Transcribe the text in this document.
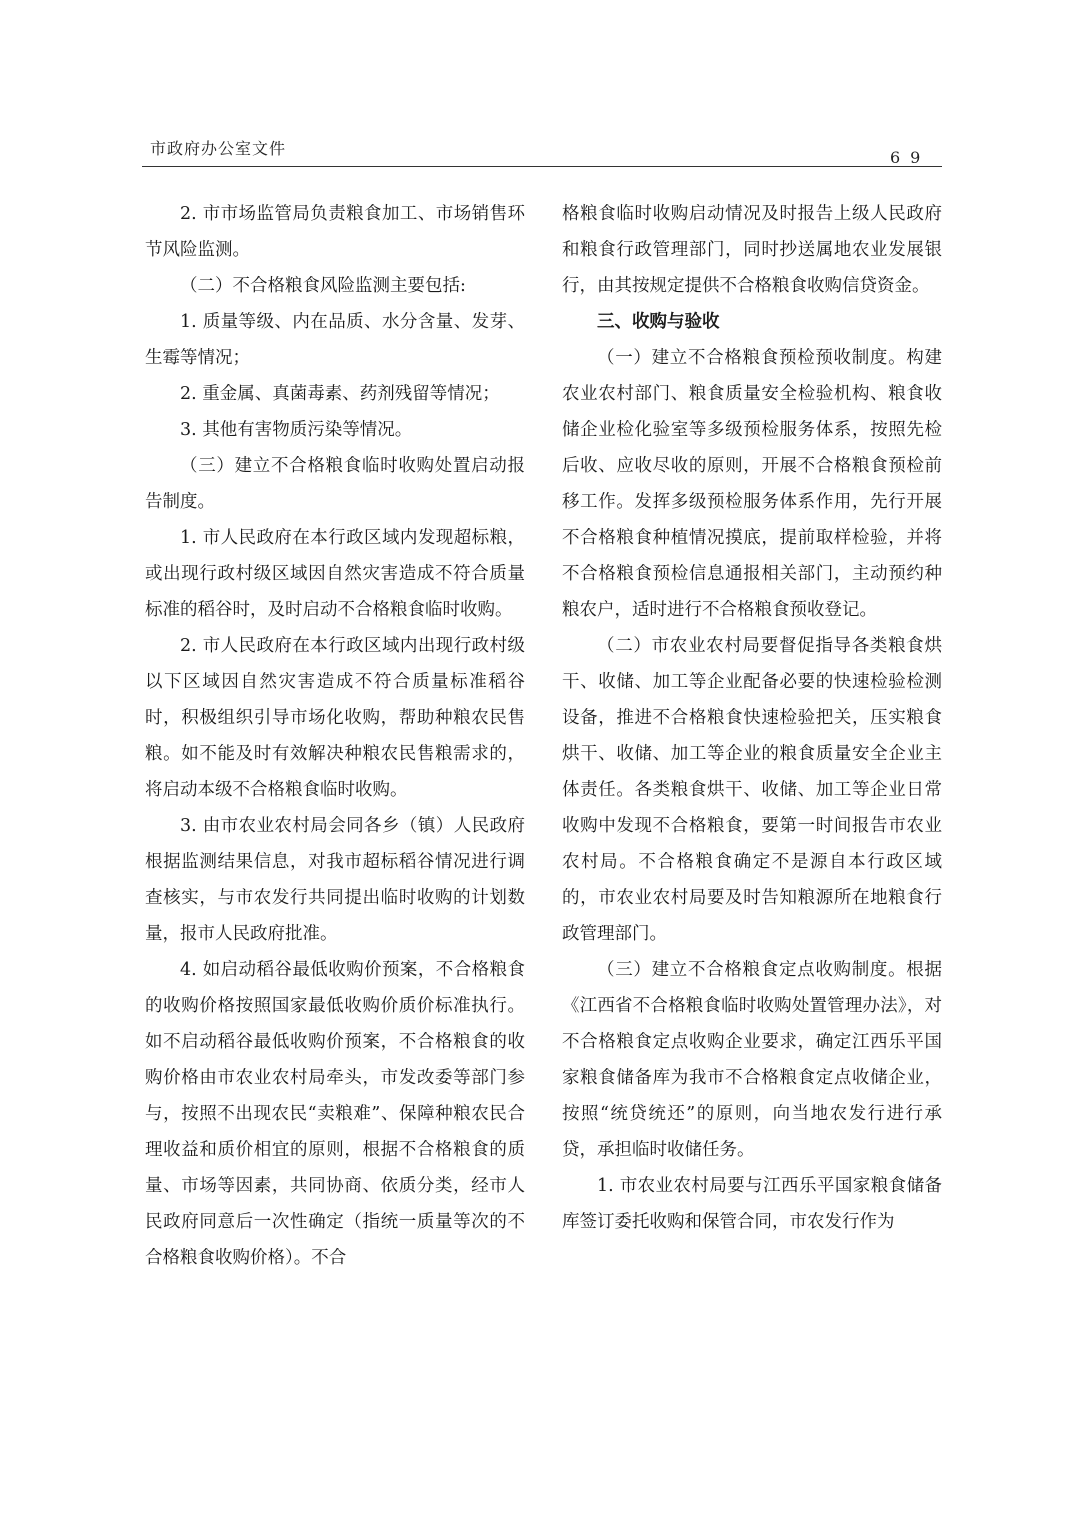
市政府办公室文件	69

2. 市市场监管局负责粮食加工、市场销售环节风险监测。

（二）不合格粮食风险监测主要包括:

1. 质量等级、内在品质、水分含量、发芽、生霉等情况；

2. 重金属、真菌毒素、药剂残留等情况；

3. 其他有害物质污染等情况。

（三）建立不合格粮食临时收购处置启动报告制度。

1. 市人民政府在本行政区域内发现超标粮，或出现行政村级区域因自然灾害造成不符合质量标准的稻谷时，及时启动不合格粮食临时收购。

2. 市人民政府在本行政区域内出现行政村级以下区域因自然灾害造成不符合质量标准稻谷时，积极组织引导市场化收购，帮助种粮农民售粮。如不能及时有效解决种粮农民售粮需求的，将启动本级不合格粮食临时收购。

3. 由市农业农村局会同各乡（镇）人民政府根据监测结果信息，对我市超标稻谷情况进行调查核实，与市农发行共同提出临时收购的计划数量，报市人民政府批准。

4. 如启动稻谷最低收购价预案，不合格粮食的收购价格按照国家最低收购价质价标准执行。如不启动稻谷最低收购价预案，不合格粮食的收购价格由市农业农村局牵头，市发改委等部门参与，按照不出现农民“卖粮难”、保障种粮农民合理收益和质价相宜的原则，根据不合格粮食的质量、市场等因素，共同协商、依质分类，经市人民政府同意后一次性确定（指统一质量等次的不合格粮食收购价格）。不合

格粮食临时收购启动情况及时报告上级人民政府和粮食行政管理部门，同时抄送属地农业发展银行，由其按规定提供不合格粮食收购信贷资金。

三、收购与验收

（一）建立不合格粮食预检预收制度。构建农业农村部门、粮食质量安全检验机构、粮食收储企业检化验室等多级预检服务体系，按照先检后收、应收尽收的原则，开展不合格粮食预检前移工作。发挥多级预检服务体系作用，先行开展不合格粮食种植情况摸底，提前取样检验，并将不合格粮食预检信息通报相关部门，主动预约种粮农户，适时进行不合格粮食预收登记。

（二）市农业农村局要督促指导各类粮食烘干、收储、加工等企业配备必要的快速检验检测设备，推进不合格粮食快速检验把关，压实粮食烘干、收储、加工等企业的粮食质量安全企业主体责任。各类粮食烘干、收储、加工等企业日常收购中发现不合格粮食，要第一时间报告市农业农村局。不合格粮食确定不是源自本行政区域的，市农业农村局要及时告知粮源所在地粮食行政管理部门。

（三）建立不合格粮食定点收购制度。根据《江西省不合格粮食临时收购处置管理办法》，对不合格粮食定点收购企业要求，确定江西乐平国家粮食储备库为我市不合格粮食定点收储企业，按照“统贷统还”的原则，向当地农发行进行承贷，承担临时收储任务。

1. 市农业农村局要与江西乐平国家粮食储备库签订委托收购和保管合同，市农发行作为
